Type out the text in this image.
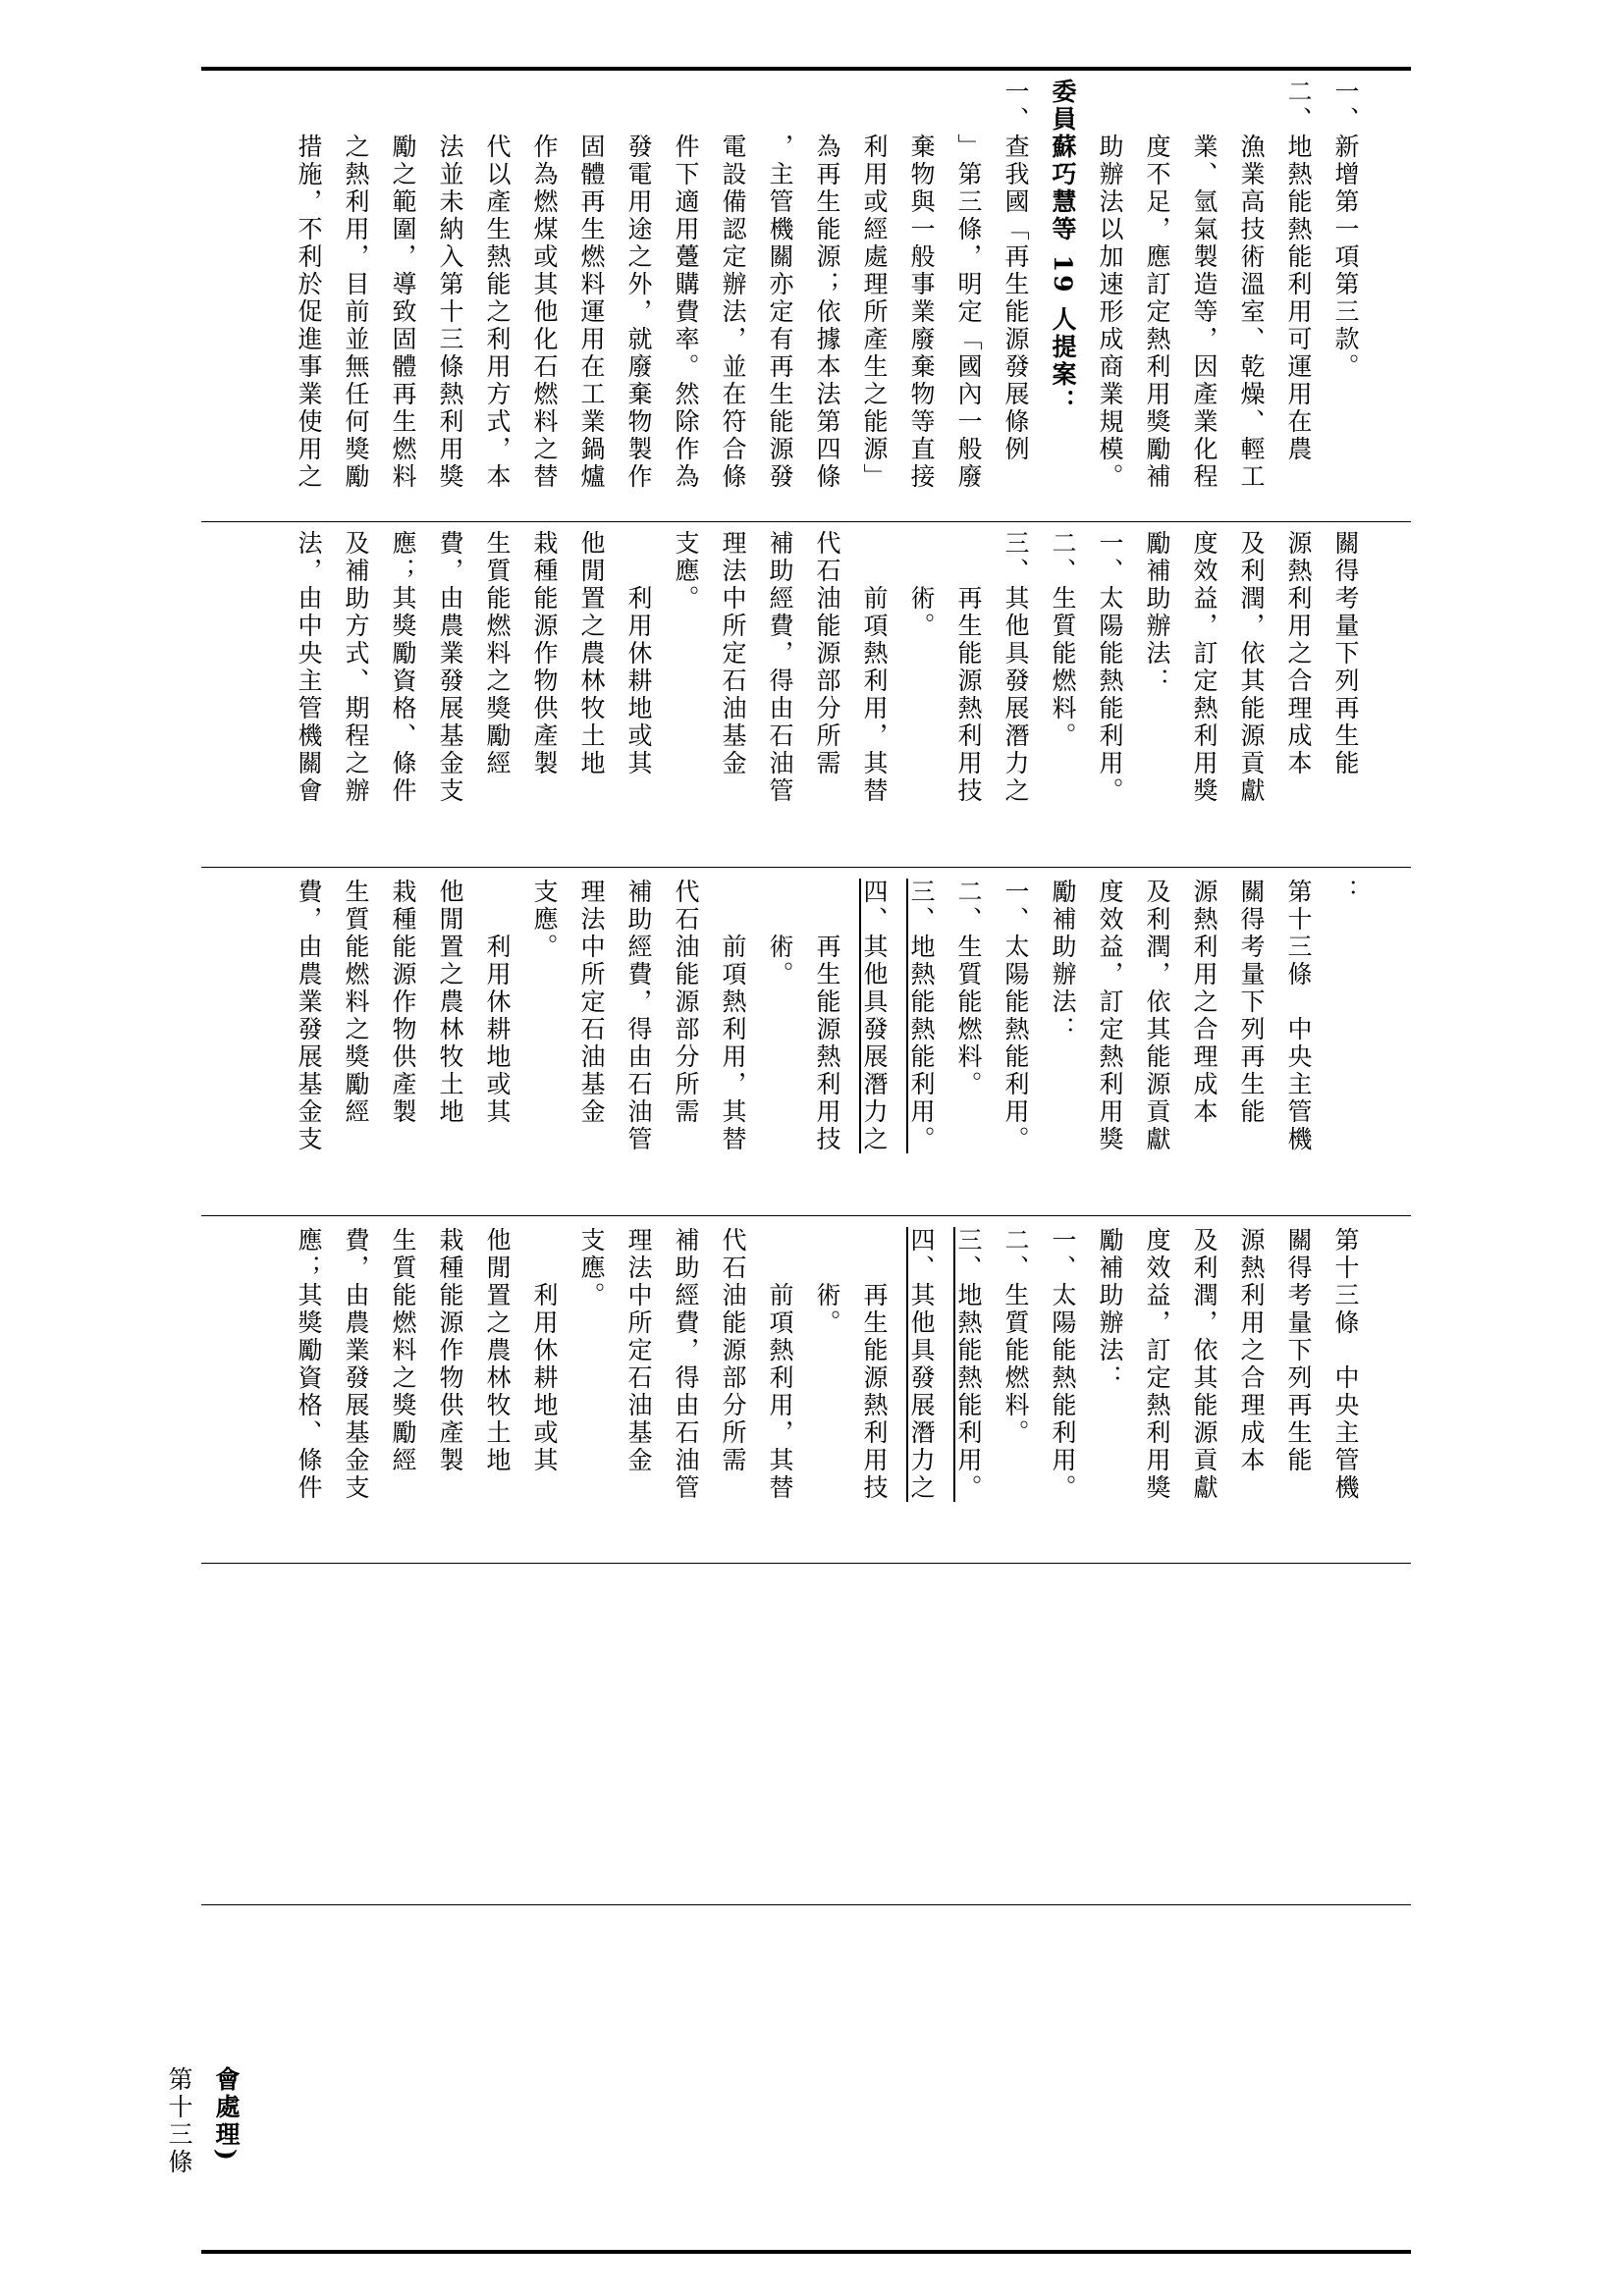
會處理)

第十三條

第十三條　中央主管機

關得考量下列再生能

源熱利用之合理成本

及利潤，依其能源貢獻

度效益，訂定熱利用獎

勵補助辦法：

一、太陽能熱能利用。

二、生質能燃料。

三、地熱能熱能利用。

四、其他具發展潛力之

　　再生能源熱利用技

　　術。

　　前項熱利用，其替

代石油能源部分所需

補助經費，得由石油管

理法中所定石油基金

支應。

　　利用休耕地或其

他閒置之農林牧土地

栽種能源作物供產製

生質能燃料之獎勵經

費，由農業發展基金支

應；其獎勵資格、條件

：

第十三條　中央主管機

關得考量下列再生能

源熱利用之合理成本

及利潤，依其能源貢獻

度效益，訂定熱利用獎

勵補助辦法：

一、太陽能熱能利用。

二、生質能燃料。

三、地熱能熱能利用。

四、其他具發展潛力之

　　再生能源熱利用技

　　術。

　　前項熱利用，其替

代石油能源部分所需

補助經費，得由石油管

理法中所定石油基金

支應。

　　利用休耕地或其

他閒置之農林牧土地

栽種能源作物供產製

生質能燃料之獎勵經

費，由農業發展基金支

關得考量下列再生能

源熱利用之合理成本

及利潤，依其能源貢獻

度效益，訂定熱利用獎

勵補助辦法：

一、太陽能熱能利用。

二、生質能燃料。

三、其他具發展潛力之

　　再生能源熱利用技

　　術。

　　前項熱利用，其替

代石油能源部分所需

補助經費，得由石油管

理法中所定石油基金

支應。

　　利用休耕地或其

他閒置之農林牧土地

栽種能源作物供產製

生質能燃料之獎勵經

費，由農業發展基金支

應；其獎勵資格、條件

及補助方式、期程之辦

法，由中央主管機關會

一、新增第一項第三款。

二、地熱能熱能利用可運用在農

　　漁業高技術溫室、乾燥、輕工

　　業、氫氣製造等，因產業化程

　　度不足，應訂定熱利用獎勵補

　　助辦法以加速形成商業規模。

委員蘇巧慧等 19 人提案：

一、查我國「再生能源發展條例

　　」第三條，明定「國內一般廢

　　棄物與一般事業廢棄物等直接

　　利用或經處理所產生之能源」

　　為再生能源；依據本法第四條

　　，主管機關亦定有再生能源發

　　電設備認定辦法，並在符合條

　　件下適用躉購費率。然除作為

　　發電用途之外，就廢棄物製作

　　固體再生燃料運用在工業鍋爐

　　作為燃煤或其他化石燃料之替

　　代以產生熱能之利用方式，本

　　法並未納入第十三條熱利用獎

　　勵之範圍，導致固體再生燃料

　　之熱利用，目前並無任何獎勵

　　措施，不利於促進事業使用之
